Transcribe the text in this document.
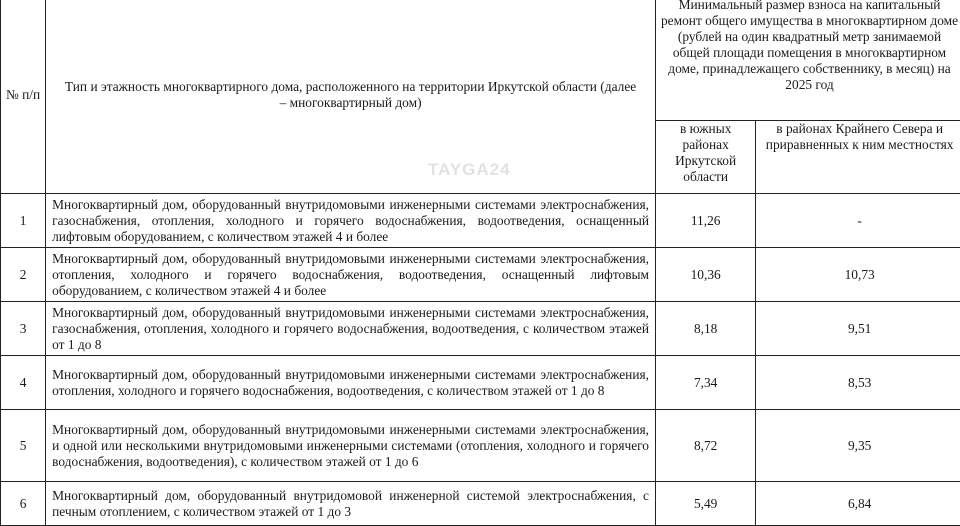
№ п/п	Тип и этажность многоквартирного дома, расположенного на территории Иркутской области (далее – многоквартирный дом)	Минимальный размер взноса на капитальный ремонт общего имущества в многоквартирном доме (рублей на один квадратный метр занимаемой общей площади помещения в многоквартирном доме, принадлежащего собственнику, в месяц) на 2025 год	
		в южных районах Иркутской области	в районах Крайнего Севера и приравненных к ним местностях
1	Многоквартирный дом, оборудованный внутридомовыми инженерными системами электроснабжения, газоснабжения, отопления, холодного и горячего водоснабжения, водоотведения, оснащенный лифтовым оборудованием, с количеством этажей 4 и более	11,26	-
2	Многоквартирный дом, оборудованный внутридомовыми инженерными системами электроснабжения, отопления, холодного и горячего водоснабжения, водоотведения, оснащенный лифтовым оборудованием, с количеством этажей 4 и более	10,36	10,73
3	Многоквартирный дом, оборудованный внутридомовыми инженерными системами электроснабжения, газоснабжения, отопления, холодного и горячего водоснабжения, водоотведения, с количеством этажей от 1 до 8	8,18	9,51
4	Многоквартирный дом, оборудованный внутридомовыми инженерными системами электроснабжения, отопления, холодного и горячего водоснабжения, водоотведения, с количеством этажей от 1 до 8	7,34	8,53
5	Многоквартирный дом, оборудованный внутридомовыми инженерными системами электроснабжения, и одной или несколькими внутридомовыми инженерными системами (отопления, холодного и горячего водоснабжения, водоотведения), с количеством этажей от 1 до 6	8,72	9,35
6	Многоквартирный дом, оборудованный внутридомовой инженерной системой электроснабжения, с печным отоплением, с количеством этажей от 1 до 3	5,49	6,84
TAYGA24
